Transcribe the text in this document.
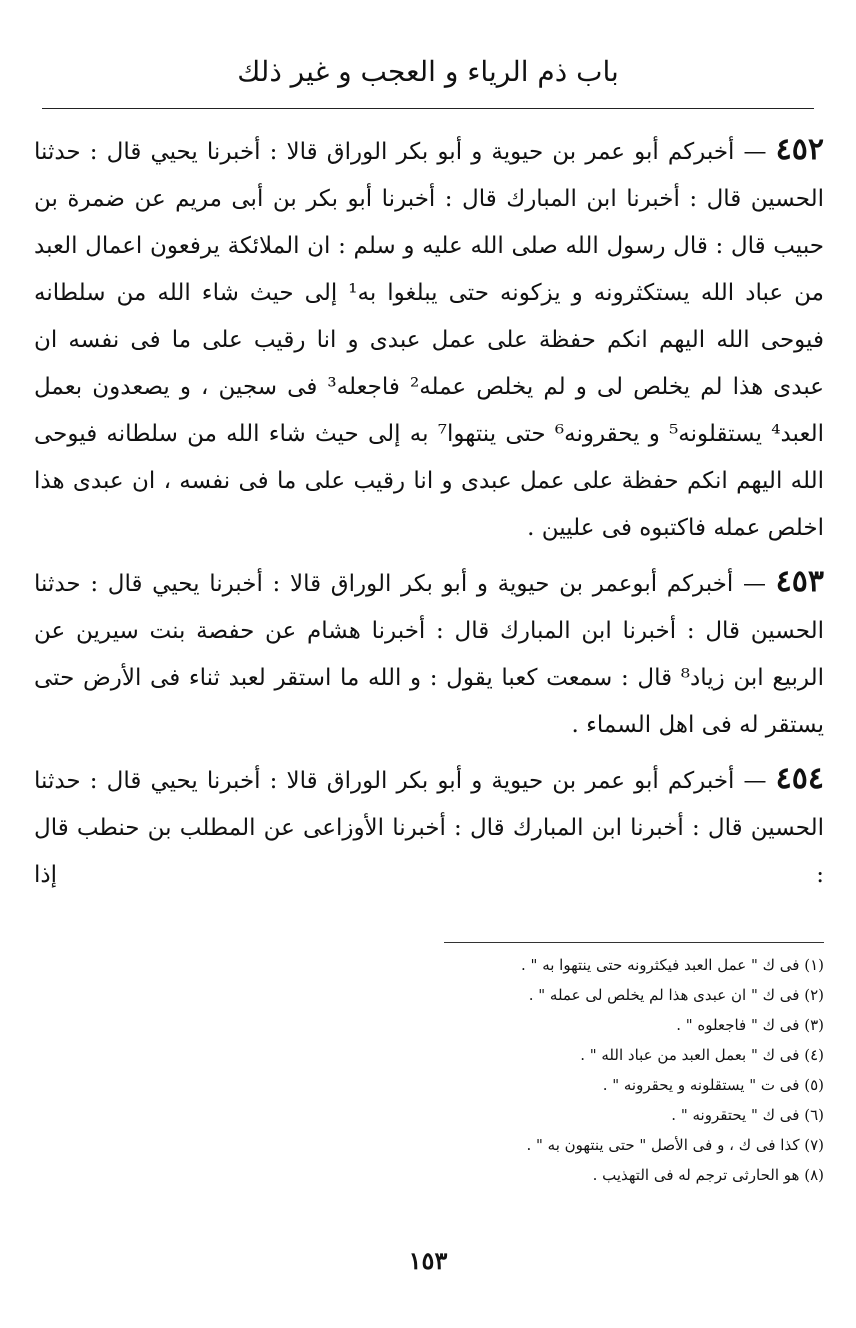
باب ذم الرياء و العجب و غير ذلك

٤٥٢ — أخبركم أبو عمر بن حيوية و أبو بكر الوراق قالا : أخبرنا يحيي قال : حدثنا الحسين قال : أخبرنا ابن المبارك قال : أخبرنا أبو بكر بن أبى مريم عن ضمرة بن حبيب قال : قال رسول الله صلى الله عليه و سلم : ان الملائكة يرفعون اعمال العبد من عباد الله يستكثرونه و يزكونه حتى يبلغوا به¹ إلى حيث شاء الله من سلطانه فيوحى الله اليهم انكم حفظة على عمل عبدى و انا رقيب على ما فى نفسه ان عبدى هذا لم يخلص لى و لم يخلص عمله² فاجعله³ فى سجين ، و يصعدون بعمل العبد⁴ يستقلونه⁵ و يحقرونه⁶ حتى ينتهوا⁷ به إلى حيث شاء الله من سلطانه فيوحى الله اليهم انكم حفظة على عمل عبدى و انا رقيب على ما فى نفسه ، ان عبدى هذا اخلص عمله فاكتبوه فى عليين .

٤٥٣ — أخبركم أبوعمر بن حيوية و أبو بكر الوراق قالا : أخبرنا يحيي قال : حدثنا الحسين قال : أخبرنا ابن المبارك قال : أخبرنا هشام عن حفصة بنت سيرين عن الربيع ابن زياد⁸ قال : سمعت كعبا يقول : و الله ما استقر لعبد ثناء فى الأرض حتى يستقر له فى اهل السماء .

٤٥٤ — أخبركم أبو عمر بن حيوية و أبو بكر الوراق قالا : أخبرنا يحيي قال : حدثنا الحسين قال : أخبرنا ابن المبارك قال : أخبرنا الأوزاعى عن المطلب بن حنطب قال : إذا

(١) فى ك " عمل العبد فيكثرونه حتى ينتهوا به " .
(٢) فى ك " ان عبدى هذا لم يخلص لى عمله " .
(٣) فى ك " فاجعلوه " .
(٤) فى ك " بعمل العبد من عباد الله " .
(٥) فى ت " يستقلونه و يحقرونه " .
(٦) فى ك " يحتقرونه " .
(٧) كذا فى ك ، و فى الأصل " حتى ينتهون به " .
(٨) هو الحارثى ترجم له فى التهذيب .

١٥٣
